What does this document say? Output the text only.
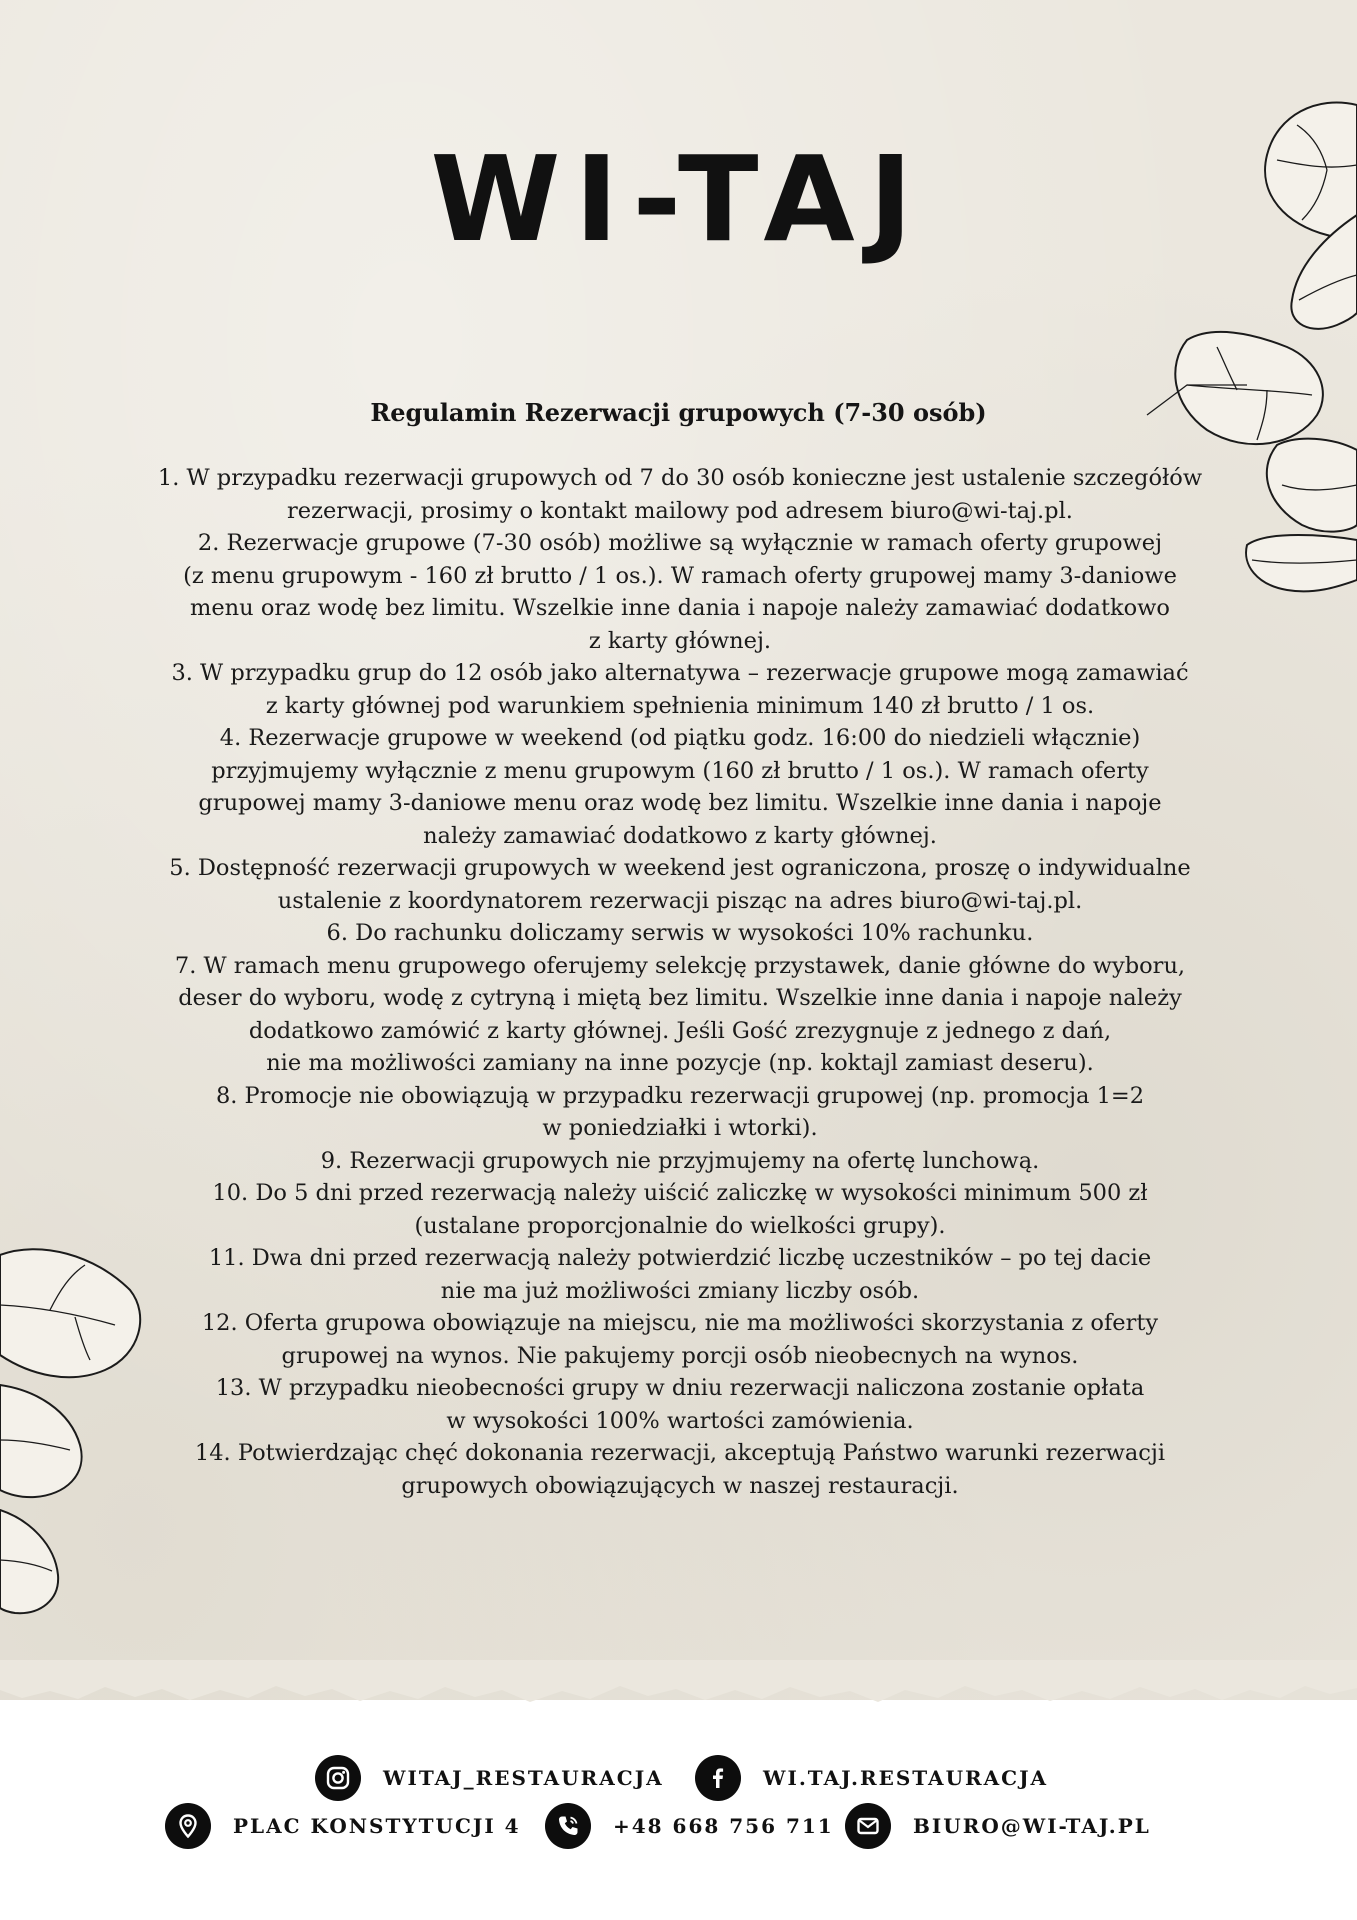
WI-TAJ
Regulamin Rezerwacji grupowych (7-30 osób)

1. W przypadku rezerwacji grupowych od 7 do 30 osób konieczne jest ustalenie szczegółów
rezerwacji, prosimy o kontakt mailowy pod adresem biuro@wi-taj.pl.

2. Rezerwacje grupowe (7-30 osób) możliwe są wyłącznie w ramach oferty grupowej
(z menu grupowym - 160 zł brutto / 1 os.). W ramach oferty grupowej mamy 3-daniowe
menu oraz wodę bez limitu. Wszelkie inne dania i napoje należy zamawiać dodatkowo
z karty głównej.

3. W przypadku grup do 12 osób jako alternatywa – rezerwacje grupowe mogą zamawiać
z karty głównej pod warunkiem spełnienia minimum 140 zł brutto / 1 os.

4. Rezerwacje grupowe w weekend (od piątku godz. 16:00 do niedzieli włącznie)
przyjmujemy wyłącznie z menu grupowym (160 zł brutto / 1 os.). W ramach oferty
grupowej mamy 3-daniowe menu oraz wodę bez limitu. Wszelkie inne dania i napoje
należy zamawiać dodatkowo z karty głównej.

5. Dostępność rezerwacji grupowych w weekend jest ograniczona, proszę o indywidualne
ustalenie z koordynatorem rezerwacji pisząc na adres biuro@wi-taj.pl.

6. Do rachunku doliczamy serwis w wysokości 10% rachunku.

7. W ramach menu grupowego oferujemy selekcję przystawek, danie główne do wyboru,
deser do wyboru, wodę z cytryną i miętą bez limitu. Wszelkie inne dania i napoje należy
dodatkowo zamówić z karty głównej. Jeśli Gość zrezygnuje z jednego z dań,
nie ma możliwości zamiany na inne pozycje (np. koktajl zamiast deseru).

8. Promocje nie obowiązują w przypadku rezerwacji grupowej (np. promocja 1=2
w poniedziałki i wtorki).

9. Rezerwacji grupowych nie przyjmujemy na ofertę lunchową.

10. Do 5 dni przed rezerwacją należy uiścić zaliczkę w wysokości minimum 500 zł
(ustalane proporcjonalnie do wielkości grupy).

11. Dwa dni przed rezerwacją należy potwierdzić liczbę uczestników – po tej dacie
nie ma już możliwości zmiany liczby osób.

12. Oferta grupowa obowiązuje na miejscu, nie ma możliwości skorzystania z oferty
grupowej na wynos. Nie pakujemy porcji osób nieobecnych na wynos.

13. W przypadku nieobecności grupy w dniu rezerwacji naliczona zostanie opłata
w wysokości 100% wartości zamówienia.

14. Potwierdzając chęć dokonania rezerwacji, akceptują Państwo warunki rezerwacji
grupowych obowiązujących w naszej restauracji.

WITAJ_RESTAURACJA	WI.TAJ.RESTAURACJA
PLAC KONSTYTUCJI 4	+48 668 756 711	BIURO@WI-TAJ.PL
